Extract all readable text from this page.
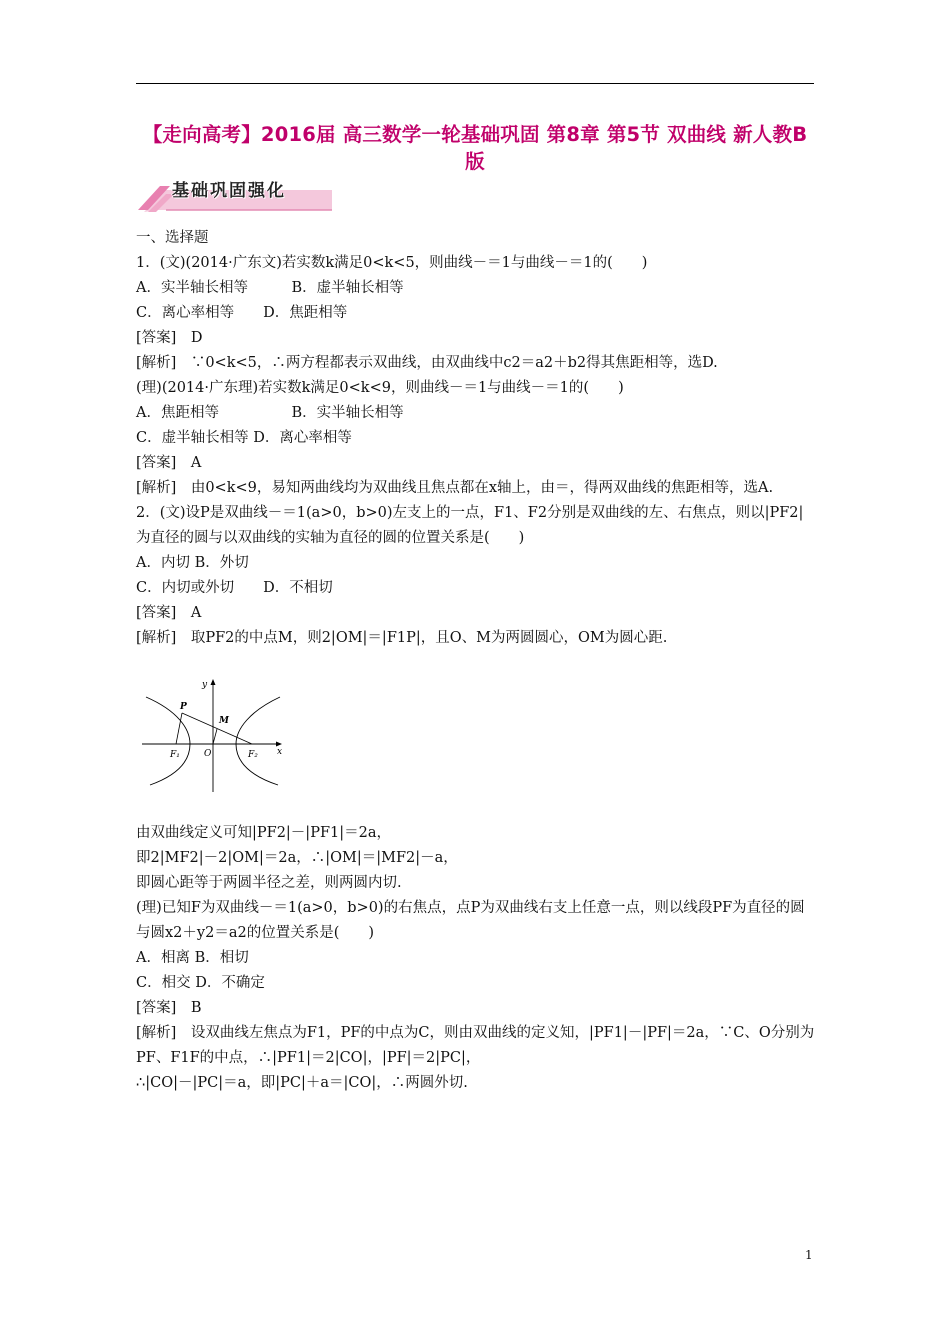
【走向高考】2016届 高三数学一轮基础巩固 第8章 第5节 双曲线 新人教B版
基础巩固强化

一、选择题

1．(文)(2014·广东文)若实数k满足0<k<5，则曲线－＝1与曲线－＝1的(　　)

A．实半轴长相等　　　B．虚半轴长相等

C．离心率相等　　D．焦距相等

[答案]　D

[解析]　∵0<k<5，∴两方程都表示双曲线，由双曲线中c2＝a2＋b2得其焦距相等，选D.

(理)(2014·广东理)若实数k满足0<k<9，则曲线－＝1与曲线－＝1的(　　)

A．焦距相等　　　　　B．实半轴长相等

C．虚半轴长相等 D．离心率相等

[答案]　A

[解析]　由0<k<9，易知两曲线均为双曲线且焦点都在x轴上，由＝，得两双曲线的焦距相等，选A.

2．(文)设P是双曲线－＝1(a>0，b>0)左支上的一点，F1、F2分别是双曲线的左、右焦点，则以|PF2|为直径的圆与以双曲线的实轴为直径的圆的位置关系是(　　)

A．内切 B．外切

C．内切或外切　　D．不相切

[答案]　A

[解析]　取PF2的中点M，则2|OM|＝|F1P|，且O、M为两圆圆心，OM为圆心距.

y
x
P
M
O
F₁	F₂

由双曲线定义可知|PF2|－|PF1|＝2a，

即2|MF2|－2|OM|＝2a，∴|OM|＝|MF2|－a，

即圆心距等于两圆半径之差，则两圆内切.

(理)已知F为双曲线－＝1(a>0，b>0)的右焦点，点P为双曲线右支上任意一点，则以线段PF为直径的圆与圆x2＋y2＝a2的位置关系是(　　)

A．相离 B．相切

C．相交 D．不确定

[答案]　B

[解析]　设双曲线左焦点为F1，PF的中点为C，则由双曲线的定义知，|PF1|－|PF|＝2a，∵C、O分别为PF、F1F的中点，∴|PF1|＝2|CO|，|PF|＝2|PC|，

∴|CO|－|PC|＝a，即|PC|＋a＝|CO|，∴两圆外切.

1
